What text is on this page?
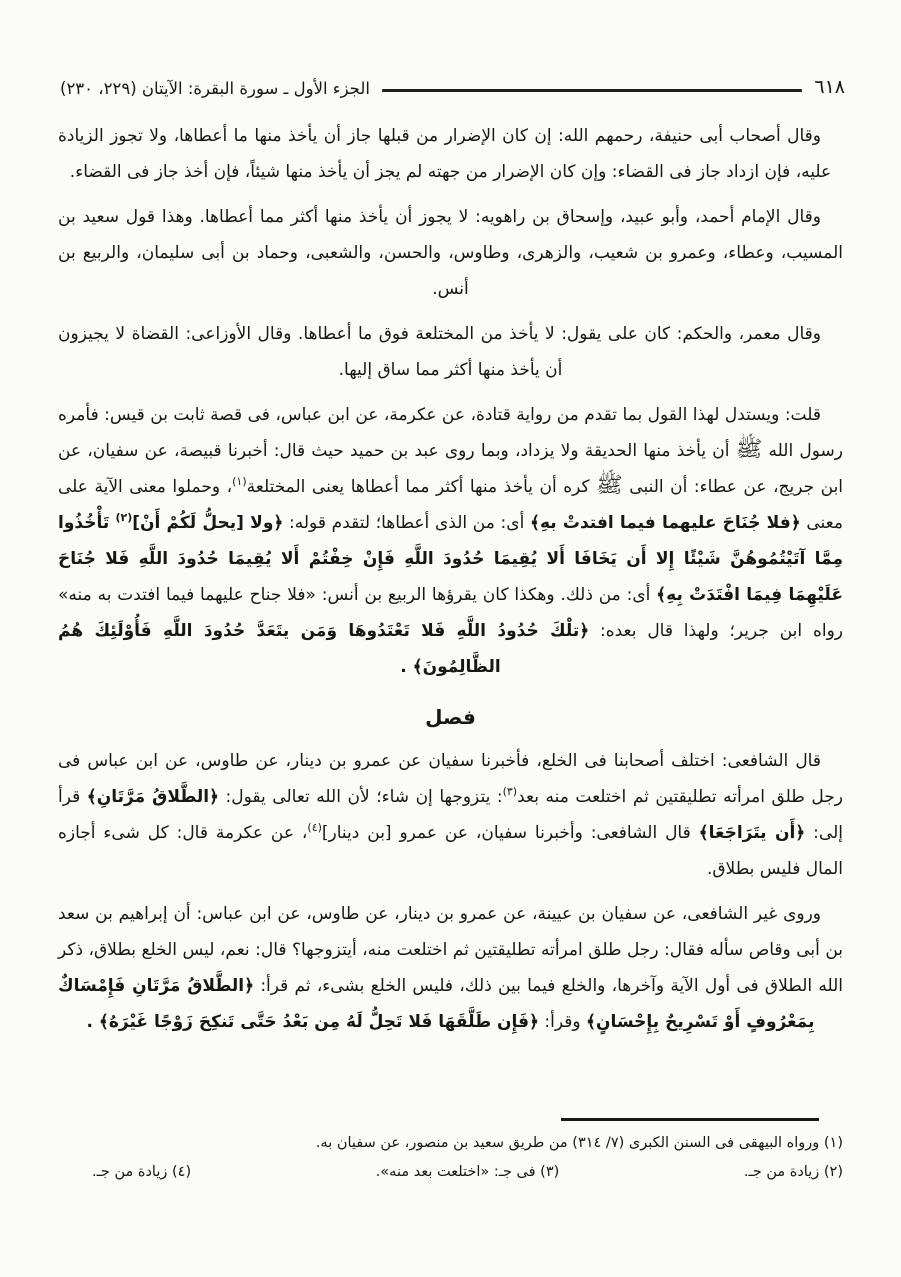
٦١٨
الجزء الأول ـ سورة البقرة: الآيتان (٢٢٩، ٢٣٠)

وقال أصحاب أبى حنيفة، رحمهم الله: إن كان الإضرار من قبلها جاز أن يأخذ منها ما أعطاها، ولا تجوز الزيادة عليه، فإن ازداد جاز فى القضاء: وإن كان الإضرار من جهته لم يجز أن يأخذ منها شيئاً، فإن أخذ جاز فى القضاء.

وقال الإمام أحمد، وأبو عبيد، وإسحاق بن راهويه: لا يجوز أن يأخذ منها أكثر مما أعطاها. وهذا قول سعيد بن المسيب، وعطاء، وعمرو بن شعيب، والزهرى، وطاوس، والحسن، والشعبى، وحماد بن أبى سليمان، والربيع بن أنس.

وقال معمر، والحكم: كان على يقول: لا يأخذ من المختلعة فوق ما أعطاها. وقال الأوزاعى: القضاة لا يجيزون أن يأخذ منها أكثر مما ساق إليها.

قلت: ويستدل لهذا القول بما تقدم من رواية قتادة، عن عكرمة، عن ابن عباس، فى قصة ثابت بن قيس: فأمره رسول الله ﷺ أن يأخذ منها الحديقة ولا يزداد، وبما روى عبد بن حميد حيث قال: أخبرنا قبيصة، عن سفيان، عن ابن جريج، عن عطاء: أن النبى ﷺ كره أن يأخذ منها أكثر مما أعطاها يعنى المختلعة$^{(١)}$، وحملوا معنى الآية على معنى ﴿فلا جُنَاحَ عليهما فيما افتدتْ بهِ﴾ أى: من الذى أعطاها؛ لتقدم قوله: ﴿ولا [يحلُّ لَكُمْ أَنْ]$^{(٢)}$ تَأْخُذُوا مِمَّا آتَيْتُمُوهُنَّ شَيْئًا إِلا أَن يَخَافَا أَلا يُقِيمَا حُدُودَ اللَّهِ فَإِنْ خِفْتُمْ أَلا يُقِيمَا حُدُودَ اللَّهِ فَلا جُنَاحَ عَلَيْهِمَا فِيمَا افْتَدَتْ بِهِ﴾ أى: من ذلك. وهكذا كان يقرؤها الربيع بن أنس: «فلا جناح عليهما فيما افتدت به منه» رواه ابن جرير؛ ولهذا قال بعده: ﴿تلْكَ حُدُودُ اللَّهِ فَلا تَعْتَدُوهَا وَمَن يتَعَدَّ حُدُودَ اللَّهِ فَأُوْلَئِكَ هُمُ الظَّالِمُونَ﴾ .

فصل

قال الشافعى: اختلف أصحابنا فى الخلع، فأخبرنا سفيان عن عمرو بن دينار، عن طاوس، عن ابن عباس فى رجل طلق امرأته تطليقتين ثم اختلعت منه بعد$^{(٣)}$: يتزوجها إن شاء؛ لأن الله تعالى يقول: ﴿الطَّلاقُ مَرَّتَانِ﴾ قرأ إلى: ﴿أَن يتَرَاجَعَا﴾ قال الشافعى: وأخبرنا سفيان، عن عمرو [بن دينار]$^{(٤)}$، عن عكرمة قال: كل شىء أجازه المال فليس بطلاق.

وروى غير الشافعى، عن سفيان بن عيينة، عن عمرو بن دينار، عن طاوس، عن ابن عباس: أن إبراهيم بن سعد بن أبى وقاص سأله فقال: رجل طلق امرأته تطليقتين ثم اختلعت منه، أيتزوجها؟ قال: نعم، ليس الخلع بطلاق، ذكر الله الطلاق فى أول الآية وآخرها، والخلع فيما بين ذلك، فليس الخلع بشىء، ثم قرأ: ﴿الطَّلاقُ مَرَّتَانِ فَإِمْسَاكٌ بِمَعْرُوفٍ أَوْ تَسْرِيحٌ بِإِحْسَانٍ﴾ وقرأ: ﴿فَإِن طَلَّقَهَا فَلا تَحِلُّ لَهُ مِن بَعْدُ حَتَّى تَنكِحَ زَوْجًا غَيْرَهُ﴾ .

(١) ورواه البيهقى فى السنن الكبرى (٧/ ٣١٤) من طريق سعيد بن منصور، عن سفيان به.
(٢) زيادة من جـ.
(٣) فى جـ: «اختلعت بعد منه».
(٤) زيادة من جـ.
